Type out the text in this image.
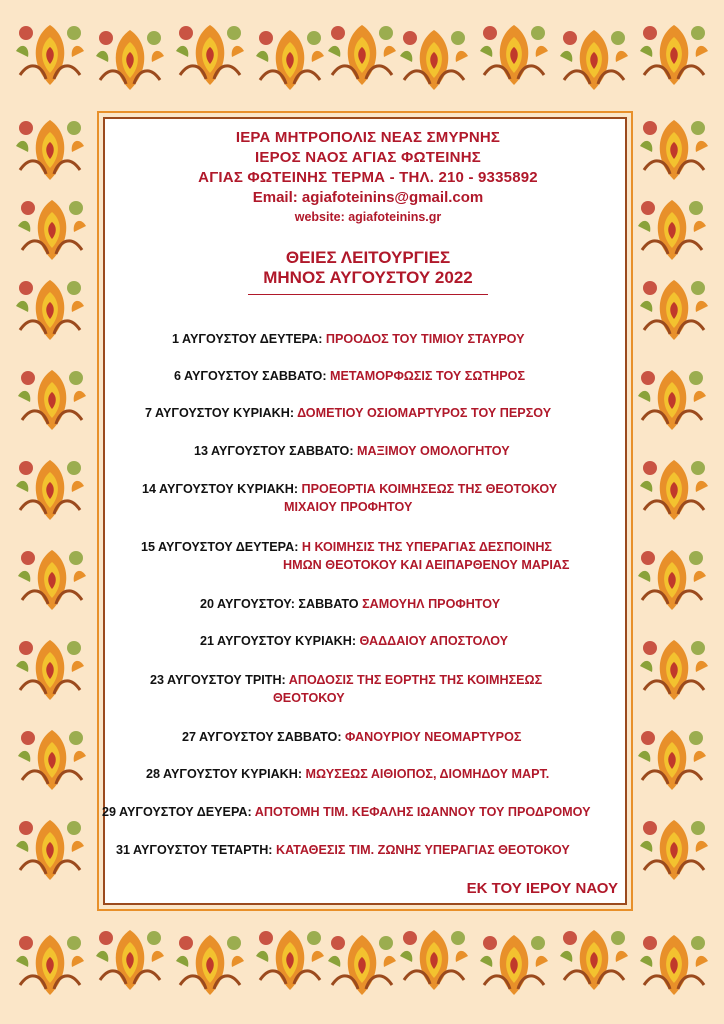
ΙΕΡΑ ΜΗΤΡΟΠΟΛΙΣ ΝΕΑΣ ΣΜΥΡΝΗΣ
ΙΕΡΟΣ ΝΑΟΣ ΑΓΙΑΣ ΦΩΤΕΙΝΗΣ
ΑΓΙΑΣ ΦΩΤΕΙΝΗΣ ΤΕΡΜΑ - ΤΗΛ. 210 - 9335892
Email: agiafoteinins@gmail.com
website: agiafoteinins.gr
ΘΕΙΕΣ ΛΕΙΤΟΥΡΓΙΕΣ
ΜΗΝΟΣ ΑΥΓΟΥΣΤΟΥ 2022
1 ΑΥΓΟΥΣΤΟΥ ΔΕΥΤΕΡΑ: ΠΡΟΟΔΟΣ ΤΟΥ ΤΙΜΙΟΥ ΣΤΑΥΡΟΥ
6 ΑΥΓΟΥΣΤΟΥ ΣΑΒΒΑΤΟ: ΜΕΤΑΜΟΡΦΩΣΙΣ ΤΟΥ ΣΩΤΗΡΟΣ
7 ΑΥΓΟΥΣΤΟΥ ΚΥΡΙΑΚΗ: ΔΟΜΕΤΙΟΥ ΟΣΙΟΜΑΡΤΥΡΟΣ ΤΟΥ ΠΕΡΣΟΥ
13 ΑΥΓΟΥΣΤΟΥ ΣΑΒΒΑΤΟ: ΜΑΞΙΜΟΥ ΟΜΟΛΟΓΗΤΟΥ
14 ΑΥΓΟΥΣΤΟΥ ΚΥΡΙΑΚΗ: ΠΡΟΕΟΡΤΙΑ ΚΟΙΜΗΣΕΩΣ ΤΗΣ ΘΕΟΤΟΚΟΥ
ΜΙΧΑΙΟΥ ΠΡΟΦΗΤΟΥ
15 ΑΥΓΟΥΣΤΟΥ ΔΕΥΤΕΡΑ: Η ΚΟΙΜΗΣΙΣ ΤΗΣ ΥΠΕΡΑΓΙΑΣ ΔΕΣΠΟΙΝΗΣ
ΗΜΩΝ ΘΕΟΤΟΚΟΥ ΚΑΙ ΑΕΙΠΑΡΘΕΝΟΥ ΜΑΡΙΑΣ
20 ΑΥΓΟΥΣΤΟΥ: ΣΑΒΒΑΤΟ ΣΑΜΟΥΗΛ ΠΡΟΦΗΤΟΥ
21 ΑΥΓΟΥΣΤΟΥ ΚΥΡΙΑΚΗ: ΘΑΔΔΑΙΟΥ ΑΠΟΣΤΟΛΟΥ
23 ΑΥΓΟΥΣΤΟΥ ΤΡΙΤΗ: ΑΠΟΔΟΣΙΣ ΤΗΣ ΕΟΡΤΗΣ ΤΗΣ ΚΟΙΜΗΣΕΩΣ
ΘΕΟΤΟΚΟΥ
27 ΑΥΓΟΥΣΤΟΥ ΣΑΒΒΑΤΟ: ΦΑΝΟΥΡΙΟΥ ΝΕΟΜΑΡΤΥΡΟΣ
28 ΑΥΓΟΥΣΤΟΥ ΚΥΡΙΑΚΗ: ΜΩΥΣΕΩΣ ΑΙΘΙΟΠΟΣ, ΔΙΟΜΗΔΟΥ ΜΑΡΤ.
29 ΑΥΓΟΥΣΤΟΥ ΔΕΥΕΡΑ: ΑΠΟΤΟΜΗ ΤΙΜ. ΚΕΦΑΛΗΣ ΙΩΑΝΝΟΥ ΤΟΥ ΠΡΟΔΡΟΜΟΥ
31 ΑΥΓΟΥΣΤΟΥ ΤΕΤΑΡΤΗ: ΚΑΤΑΘΕΣΙΣ ΤΙΜ. ΖΩΝΗΣ ΥΠΕΡΑΓΙΑΣ ΘΕΟΤΟΚΟΥ
ΕΚ ΤΟΥ ΙΕΡΟΥ ΝΑΟΥ
